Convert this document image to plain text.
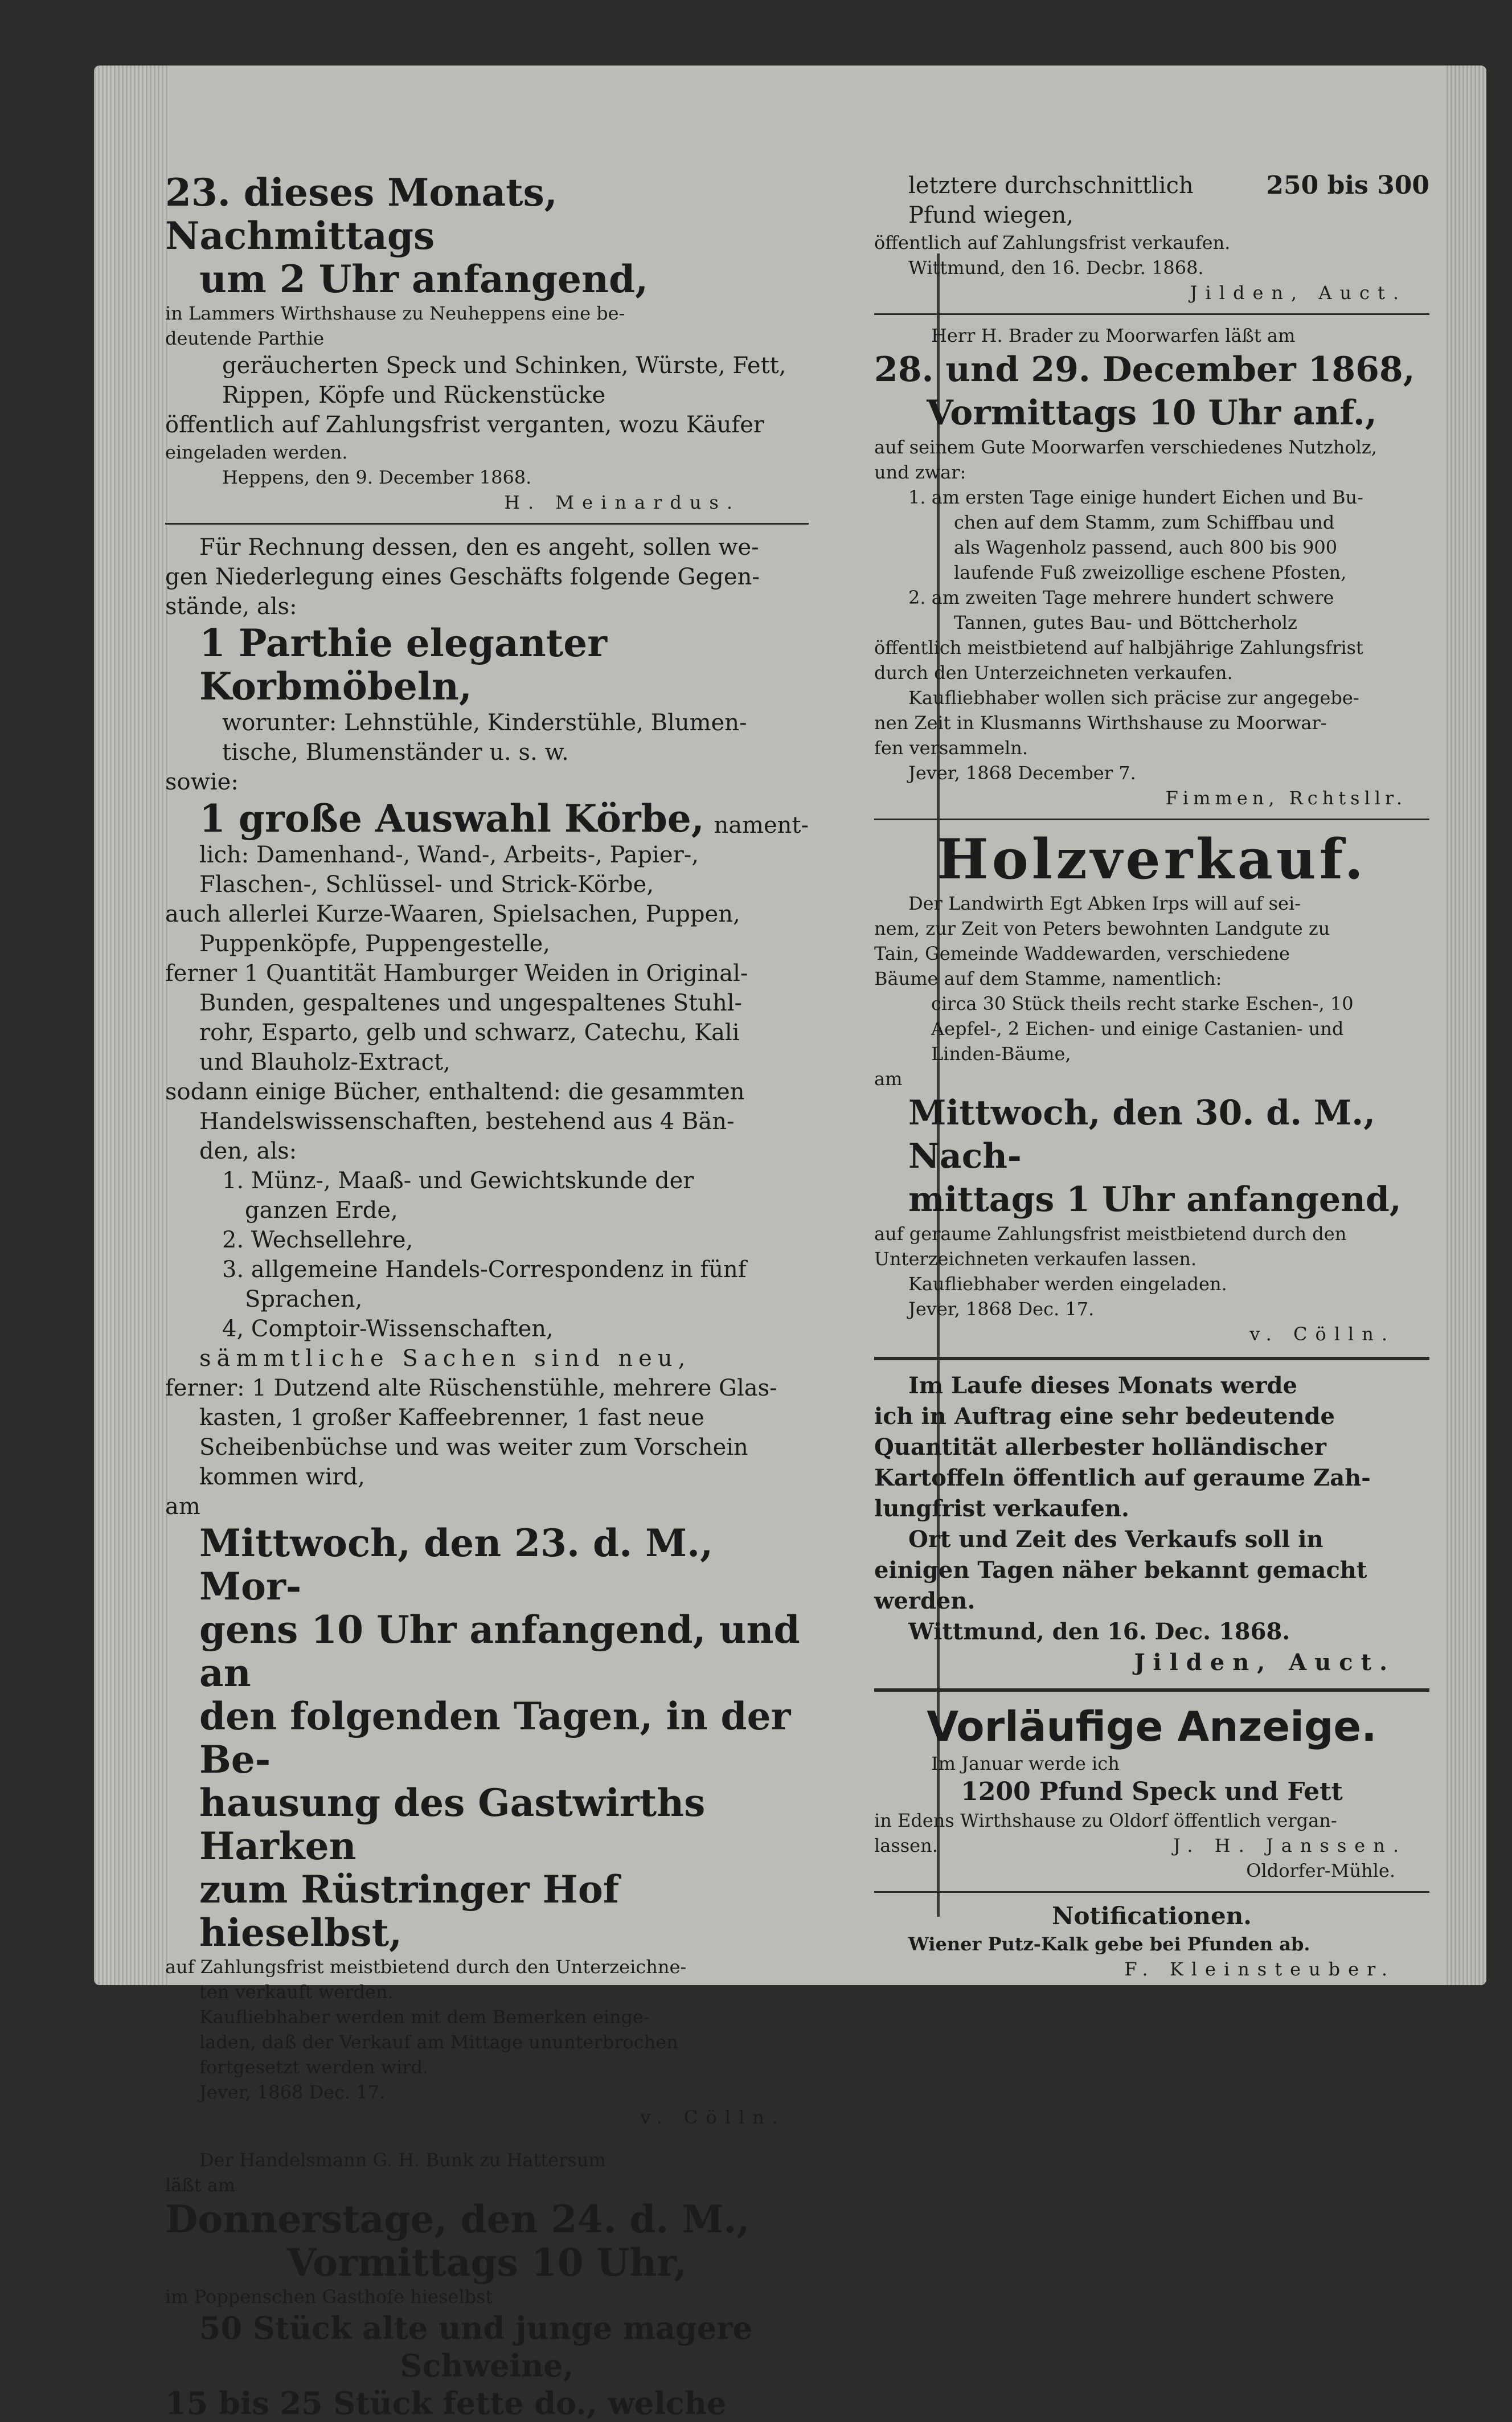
23. dieses Monats, Nachmittags
um 2 Uhr anfangend,
in Lammers Wirthshause zu Neuheppens eine be-
deutende Parthie
geräucherten Speck und Schinken, Würste, Fett,
Rippen, Köpfe und Rückenstücke
öffentlich auf Zahlungsfrist verganten, wozu Käufer
eingeladen werden.
Heppens, den 9. December 1868.
H. Meinardus.
Für Rechnung dessen, den es angeht, sollen we-
gen Niederlegung eines Geschäfts folgende Gegen-
stände, als:
1 Parthie eleganter Korbmöbeln,
worunter: Lehnstühle, Kinderstühle, Blumen-
tische, Blumenständer u. s. w.
sowie:
1 große Auswahl Körbe, nament-
lich: Damenhand-, Wand-, Arbeits-, Papier-,
Flaschen-, Schlüssel- und Strick-Körbe,
auch allerlei Kurze-Waaren, Spielsachen, Puppen,
Puppenköpfe, Puppengestelle,
ferner 1 Quantität Hamburger Weiden in Original-
Bunden, gespaltenes und ungespaltenes Stuhl-
rohr, Esparto, gelb und schwarz, Catechu, Kali
und Blauholz-Extract,
sodann einige Bücher, enthaltend: die gesammten
Handelswissenschaften, bestehend aus 4 Bän-
den, als:
1. Münz-, Maaß- und Gewichtskunde der
ganzen Erde,
2. Wechsellehre,
3. allgemeine Handels-Correspondenz in fünf
Sprachen,
4, Comptoir-Wissenschaften,
sämmtliche Sachen sind neu,
ferner: 1 Dutzend alte Rüschenstühle, mehrere Glas-
kasten, 1 großer Kaffeebrenner, 1 fast neue
Scheibenbüchse und was weiter zum Vorschein
kommen wird,
am
Mittwoch, den 23. d. M., Mor-
gens 10 Uhr anfangend, und an
den folgenden Tagen, in der Be-
hausung des Gastwirths Harken
zum Rüstringer Hof hieselbst,
auf Zahlungsfrist meistbietend durch den Unterzeichne-
ten verkauft werden.
Kaufliebhaber werden mit dem Bemerken einge-
laden, daß der Verkauf am Mittage ununterbrochen
fortgesetzt werden wird.
Jever, 1868 Dec. 17.
v. Cölln.
Der Handelsmann G. H. Bunk zu Hattersum
läßt am
Donnerstage, den 24. d. M.,
Vormittags 10 Uhr,
im Poppenschen Gasthofe hieselbst
50 Stück alte und junge magere
Schweine,
15 bis 25 Stück fette do., welche
letztere durchschnittlich	250 bis 300
Pfund wiegen,
öffentlich auf Zahlungsfrist verkaufen.
Wittmund, den 16. Decbr. 1868.
Jilden, Auct.
Herr H. Brader zu Moorwarfen läßt am
28. und 29. December 1868,
Vormittags 10 Uhr anf.,
auf seinem Gute Moorwarfen verschiedenes Nutzholz,
und zwar:
1. am ersten Tage einige hundert Eichen und Bu-
chen auf dem Stamm, zum Schiffbau und
als Wagenholz passend, auch 800 bis 900
laufende Fuß zweizollige eschene Pfosten,
2. am zweiten Tage mehrere hundert schwere
Tannen, gutes Bau- und Böttcherholz
öffentlich meistbietend auf halbjährige Zahlungsfrist
durch den Unterzeichneten verkaufen.
Kaufliebhaber wollen sich präcise zur angegebe-
nen Zeit in Klusmanns Wirthshause zu Moorwar-
fen versammeln.
Jever, 1868 December 7.
Fimmen, Rchtsllr.
Holzverkauf.
Der Landwirth Egt Abken Irps will auf sei-
nem, zur Zeit von Peters bewohnten Landgute zu
Tain, Gemeinde Waddewarden, verschiedene
Bäume auf dem Stamme, namentlich:
circa 30 Stück theils recht starke Eschen-, 10
Aepfel-, 2 Eichen- und einige Castanien- und
Linden-Bäume,
am
Mittwoch, den 30. d. M., Nach-
mittags 1 Uhr anfangend,
auf geraume Zahlungsfrist meistbietend durch den
Unterzeichneten verkaufen lassen.
Kaufliebhaber werden eingeladen.
Jever, 1868 Dec. 17.
v. Cölln.
Im Laufe dieses Monats werde
ich in Auftrag eine sehr bedeutende
Quantität allerbester holländischer
Kartoffeln öffentlich auf geraume Zah-
lungfrist verkaufen.
Ort und Zeit des Verkaufs soll in
einigen Tagen näher bekannt gemacht
werden.
Wittmund, den 16. Dec. 1868.
Jilden, Auct.
Vorläufige Anzeige.
Im Januar werde ich
1200 Pfund Speck und Fett
in Edens Wirthshause zu Oldorf öffentlich vergan-
lassen.	J. H. Janssen.
Oldorfer-Mühle.
Notificationen.
Wiener Putz-Kalk gebe bei Pfunden ab.
F. Kleinsteuber.
